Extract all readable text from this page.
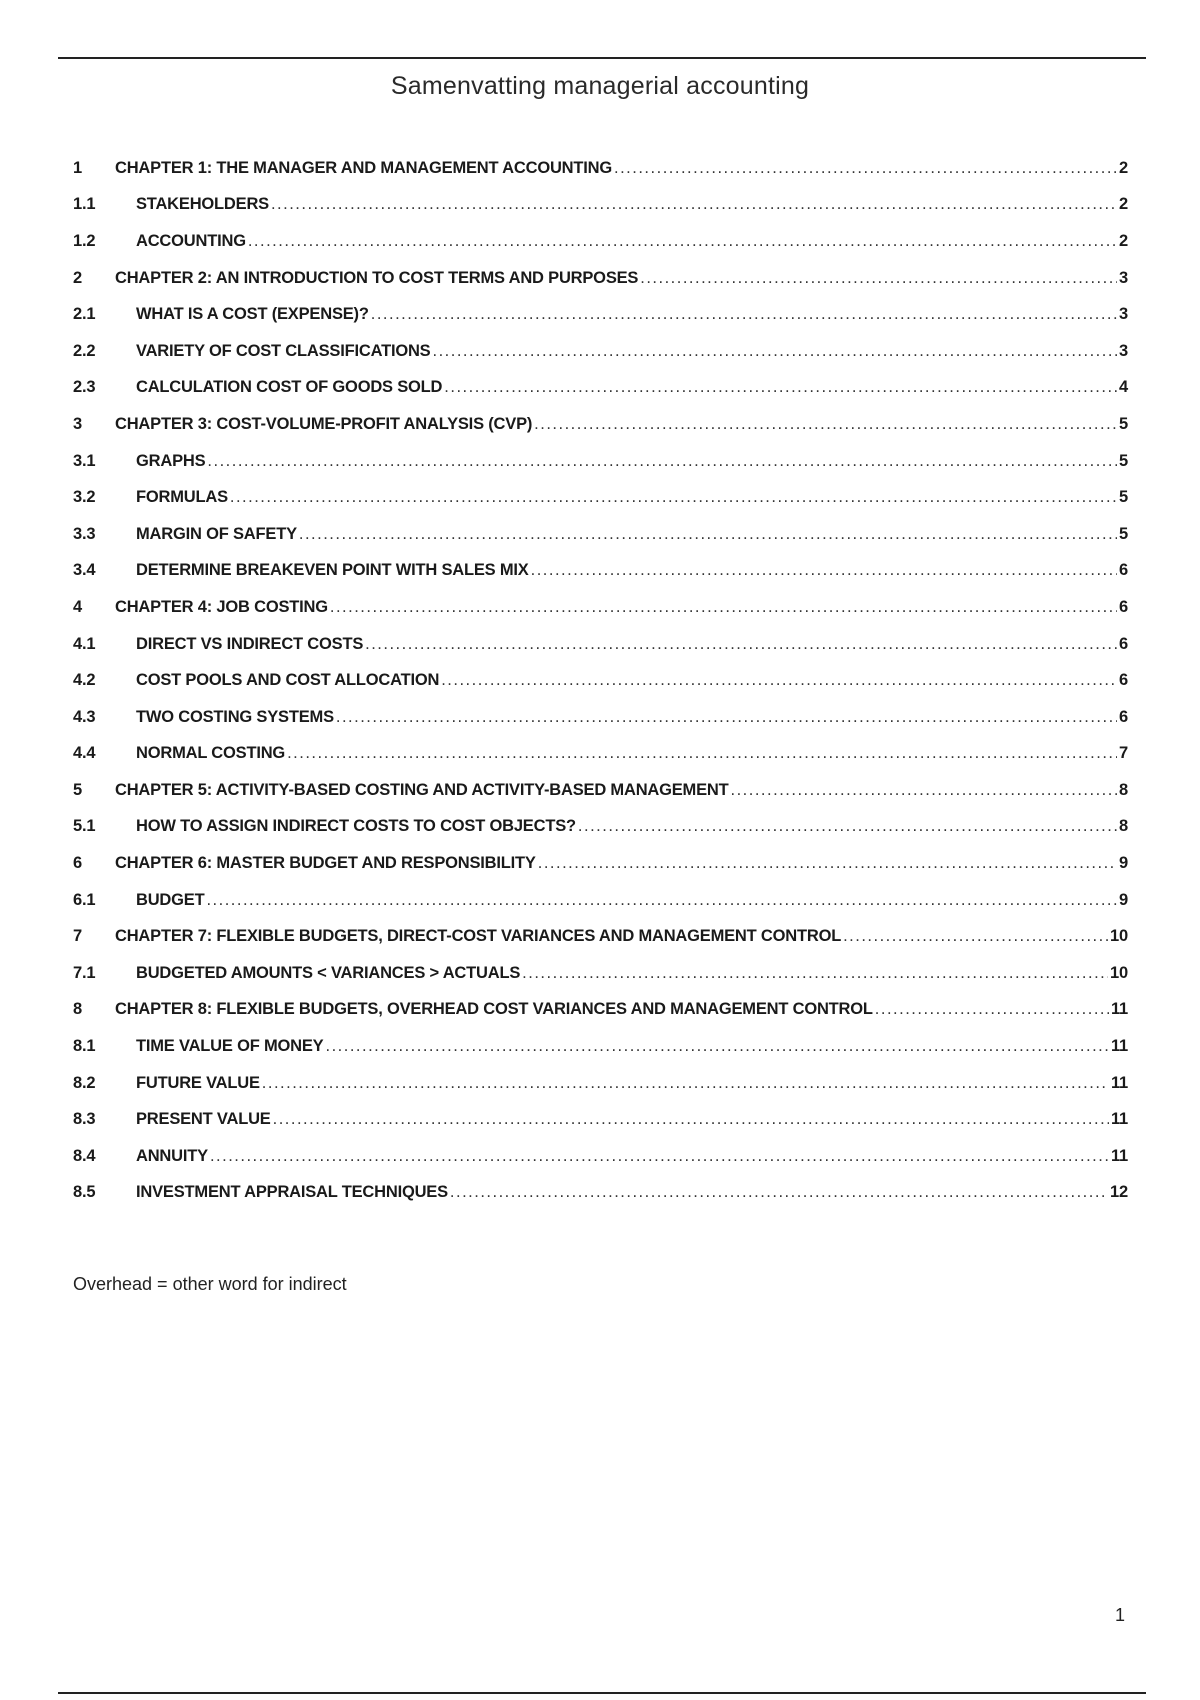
Samenvatting managerial accounting
1	CHAPTER 1: THE MANAGER AND MANAGEMENT ACCOUNTING .....	2
1.1	STAKEHOLDERS .....	2
1.2	ACCOUNTING .....	2
2	CHAPTER 2: AN INTRODUCTION TO COST TERMS AND PURPOSES .....	3
2.1	WHAT IS A COST (EXPENSE)? .....	3
2.2	VARIETY OF COST CLASSIFICATIONS .....	3
2.3	CALCULATION COST OF GOODS SOLD .....	4
3	CHAPTER 3: COST-VOLUME-PROFIT ANALYSIS (CVP) .....	5
3.1	GRAPHS .....	5
3.2	FORMULAS .....	5
3.3	MARGIN OF SAFETY .....	5
3.4	DETERMINE BREAKEVEN POINT WITH SALES MIX .....	6
4	CHAPTER 4: JOB COSTING .....	6
4.1	DIRECT VS INDIRECT COSTS .....	6
4.2	COST POOLS AND COST ALLOCATION .....	6
4.3	TWO COSTING SYSTEMS .....	6
4.4	NORMAL COSTING .....	7
5	CHAPTER 5: ACTIVITY-BASED COSTING AND ACTIVITY-BASED MANAGEMENT .....	8
5.1	HOW TO ASSIGN INDIRECT COSTS TO COST OBJECTS? .....	8
6	CHAPTER 6: MASTER BUDGET AND RESPONSIBILITY .....	9
6.1	BUDGET .....	9
7	CHAPTER 7: FLEXIBLE BUDGETS, DIRECT-COST VARIANCES AND MANAGEMENT CONTROL .....	10
7.1	BUDGETED AMOUNTS < VARIANCES > ACTUALS .....	10
8	CHAPTER 8: FLEXIBLE BUDGETS, OVERHEAD COST VARIANCES AND MANAGEMENT CONTROL .....	11
8.1	TIME VALUE OF MONEY .....	11
8.2	FUTURE VALUE .....	11
8.3	PRESENT VALUE .....	11
8.4	ANNUITY .....	11
8.5	INVESTMENT APPRAISAL TECHNIQUES .....	12
Overhead = other word for indirect
1
